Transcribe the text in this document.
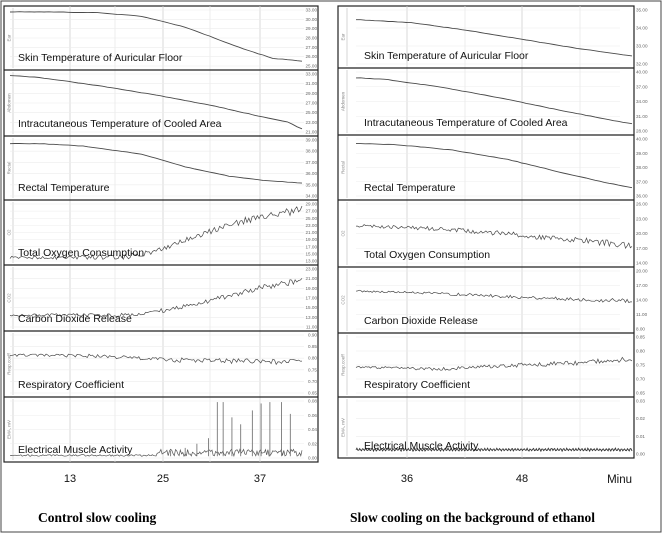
Ear
33.00
30.00
29.00
28.00
27.00
26.00
25.00
Skin Temperature of Auricular Floor
Abdomen
33.00
31.00
29.00
27.00
25.00
23.00
21.00
Intracutaneous Temperature of Cooled Area
Rectal
39.00
38.00
37.00
36.00
35.00
34.00
Rectal Temperature
O2
29.00
27.00
25.00
23.00
21.00
19.00
17.00
15.00
13.00
Total Oxygen Consumption
CO2
23.00
21.00
19.00
17.00
15.00
13.00
11.00
Carbon Dioxide Release
Resp.coeff
0.90
0.85
0.80
0.75
0.70
0.65
Respiratory Coefficient
EMA, mV
0.08
0.06
0.04
0.02
0.00
Electrical Muscle Activity
13	25	37
Ear
35.00
34.00
33.00
32.00
Skin Temperature of Auricular Floor
Abdomen
40.00
37.00
34.00
31.00
28.00
Intracutaneous Temperature of Cooled Area
Rectal
40.00
39.00
38.00
37.00
36.00
Rectal Temperature
O2
26.00
23.00
20.00
17.00
14.00
Total Oxygen Consumption
CO2
20.00
17.00
14.00
11.00
8.00
Carbon Dioxide Release
Resp.coeff
0.85
0.80
0.75
0.70
0.65
Respiratory Coefficient
EMA, mV
0.03
0.02
0.01
0.00
Electrical Muscle Activity
36	48	Minu
Control slow cooling	Slow cooling on the background of ethanol
